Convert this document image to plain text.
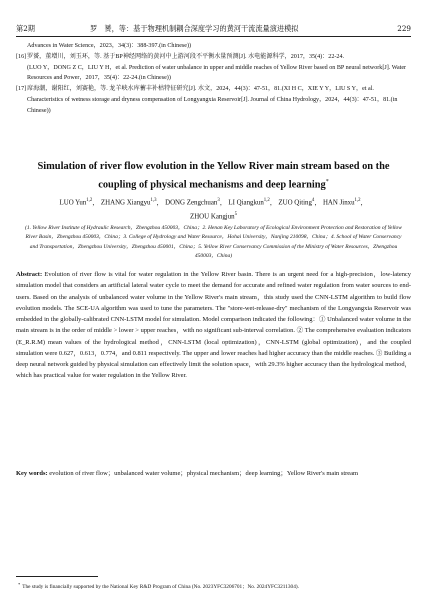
第2期	罗　赟，等：基于物理机制耦合深度学习的黄河干流流量演进模拟	229
Advances in Water Science，2023，34(3)：388-397.(in Chinese))
[16] 罗赟，董增川，刘玉环，等. 基于BP神经网络的黄河中上游河段不平衡水量预测[J]. 水电能源科学，2017，35(4)：22-24.
(LUO Y，DONG Z C，LIU Y H，et al. Prediction of water unbalance in upper and middle reaches of Yellow River based on BP neural network[J]. Water Resources and Power，2017，35(4)：22-24.(in Chinese))
[17] 席海潮，谢阳红，刘赛艳，等. 龙羊峡水库蓄丰补枯特征研究[J]. 水文，2024，44(3)：47-51，81.(XI H C，XIE Y Y，LIU S Y，et al. Characteristics of wetness storage and dryness compensation of Longyangxia Reservoir[J]. Journal of China Hydrology，2024，44(3)：47-51，81.(in Chinese))
Simulation of river flow evolution in the Yellow River main stream based on the coupling of physical mechanisms and deep learning*
LUO Yun$^{1,2}$， ZHANG Xiangyu$^{1,3}$， DONG Zengchuan$^3$， LI Qiangkun$^{1,2}$， ZUO Qiting$^4$， HAN Jinxu$^{1,2}$，
ZHOU Kangjun$^5$
(1. Yellow River Institute of Hydraulic Research，Zhengzhou 450003，China；2. Henan Key Laboratory of Ecological Environment Protection and Restoration of Yellow River Basin，Zhengzhou 450003，China；3. College of Hydrology and Water Resource，Hohai University，Nanjing 210098，China；4. School of Water Conservancy and Transportation，Zhengzhou University，Zhengzhou 450001，China；5. Yellow River Conservancy Commission of the Ministry of Water Resources，Zhengzhou 450003，China)
Abstract: Evolution of river flow is vital for water regulation in the Yellow River basin. There is an urgent need for a high-precision，low-latency simulation model that considers an artificial lateral water cycle to meet the demand for accurate and refined water regulation from water sources to end-users. Based on the analysis of unbalanced water volume in the Yellow River's main stream，this study used the CNN-LSTM algorithm to build flow evolution models. The SCE-UA algorithm was used to tune the parameters. The "store-wet-release-dry" mechanism of the Longyangxia Reservoir was embedded in the globally-calibrated CNN-LSTM model for simulation. Model comparison indicated the following：① Unbalanced water volume in the main stream is in the order of middle > lower > upper reaches，with no significant sub-interval correlation. ② The comprehensive evaluation indicators (E_R.R.M) mean values of the hydrological method，CNN-LSTM (local optimization)，CNN-LSTM (global optimization)，and the coupled simulation were 0.627，0.613，0.774，and 0.811 respectively. The upper and lower reaches had higher accuracy than the middle reaches. ③ Building a deep neural network guided by physical simulation can effectively limit the solution space，with 29.3% higher accuracy than the hydrological method，which has practical value for water regulation in the Yellow River.
Key words: evolution of river flow；unbalanced water volume；physical mechanism；deep learning；Yellow River's main stream
* The study is financially supported by the National Key R&D Program of China (No. 2023YFC3206701；No. 2024YFC3211304).
